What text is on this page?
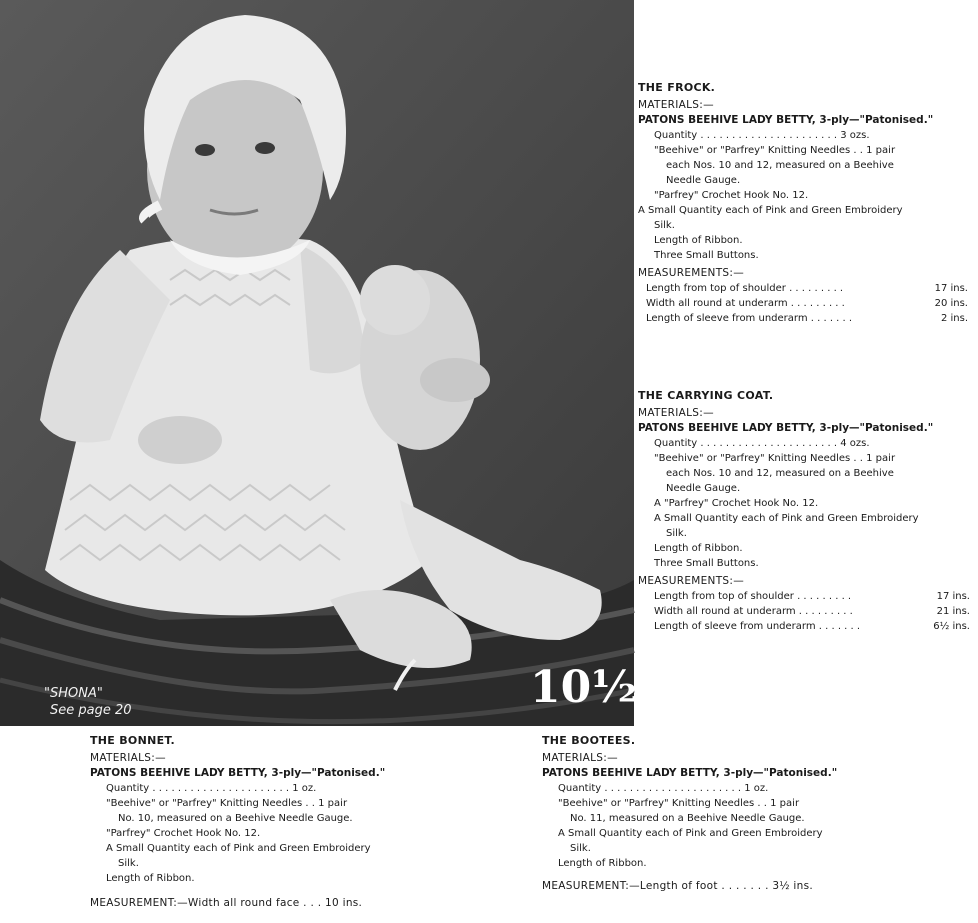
"SHONA"
See page 20	10½d.
THE FROCK.
MATERIALS:—
PATONS BEEHIVE LADY BETTY, 3-ply—"Patonised."
Quantity . . . . . . . . . . . . . . . . . . . . . . 3 ozs.
"Beehive" or "Parfrey" Knitting Needles . . 1 pair
each Nos. 10 and 12, measured on a Beehive
Needle Gauge.
"Parfrey" Crochet Hook No. 12.
A Small Quantity each of Pink and Green Embroidery
Silk.
Length of Ribbon.
Three Small Buttons.
MEASUREMENTS:—
Length from top of shoulder . . . . . . . . .	17 ins.
Width all round at underarm . . . . . . . . .	20 ins.
Length of sleeve from underarm . . . . . . .	2 ins.
THE CARRYING COAT.
MATERIALS:—
PATONS BEEHIVE LADY BETTY, 3-ply—"Patonised."
Quantity . . . . . . . . . . . . . . . . . . . . . . 4 ozs.
"Beehive" or "Parfrey" Knitting Needles . . 1 pair
each Nos. 10 and 12, measured on a Beehive
Needle Gauge.
A "Parfrey" Crochet Hook No. 12.
A Small Quantity each of Pink and Green Embroidery
Silk.
Length of Ribbon.
Three Small Buttons.
MEASUREMENTS:—
Length from top of shoulder . . . . . . . . .	17 ins.
Width all round at underarm . . . . . . . . .	21 ins.
Length of sleeve from underarm . . . . . . .	6½ ins.
THE BONNET.
MATERIALS:—
PATONS BEEHIVE LADY BETTY, 3-ply—"Patonised."
Quantity . . . . . . . . . . . . . . . . . . . . . . 1 oz.
"Beehive" or "Parfrey" Knitting Needles . . 1 pair
No. 10, measured on a Beehive Needle Gauge.
"Parfrey" Crochet Hook No. 12.
A Small Quantity each of Pink and Green Embroidery
Silk.
Length of Ribbon.
MEASUREMENT:—Width all round face . . . 10 ins.
THE BOOTEES.
MATERIALS:—
PATONS BEEHIVE LADY BETTY, 3-ply—"Patonised."
Quantity . . . . . . . . . . . . . . . . . . . . . . 1 oz.
"Beehive" or "Parfrey" Knitting Needles . . 1 pair
No. 11, measured on a Beehive Needle Gauge.
A Small Quantity each of Pink and Green Embroidery
Silk.
Length of Ribbon.
MEASUREMENT:—Length of foot . . . . . . . 3½ ins.
